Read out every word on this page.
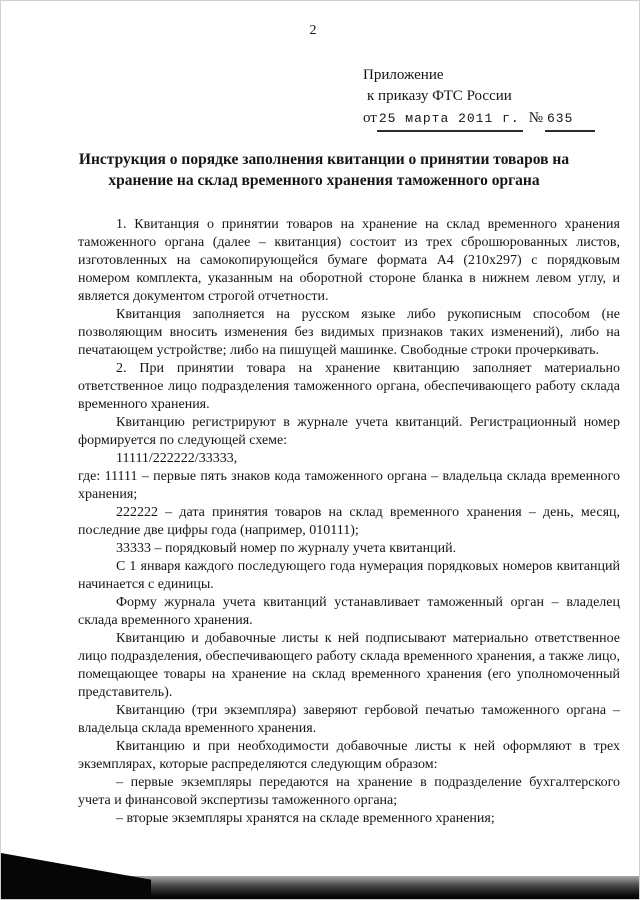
2
Приложение
к приказу ФТС России
от 25 марта 2011 г. № 635
Инструкция о порядке заполнения квитанции о принятии товаров на хранение на склад временного хранения таможенного органа

1. Квитанция о принятии товаров на хранение на склад временного хранения таможенного органа (далее – квитанция) состоит из трех сброшюрованных листов, изготовленных на самокопирующейся бумаге формата А4 (210х297) с порядковым номером комплекта, указанным на оборотной стороне бланка в нижнем левом углу, и является документом строгой отчетности.

Квитанция заполняется на русском языке либо рукописным способом (не позволяющим вносить изменения без видимых признаков таких изменений), либо на печатающем устройстве; либо на пишущей машинке. Свободные строки прочеркивать.

2. При принятии товара на хранение квитанцию заполняет материально ответственное лицо подразделения таможенного органа, обеспечивающего работу склада временного хранения.

Квитанцию регистрируют в журнале учета квитанций. Регистрационный номер формируется по следующей схеме:

11111/222222/33333,

где: 11111 – первые пять знаков кода таможенного органа – владельца склада временного хранения;

222222 – дата принятия товаров на склад временного хранения – день, месяц, последние две цифры года (например, 010111);

33333 – порядковый номер по журналу учета квитанций.

С 1 января каждого последующего года нумерация порядковых номеров квитанций начинается с единицы.

Форму журнала учета квитанций устанавливает таможенный орган – владелец склада временного хранения.

Квитанцию и добавочные листы к ней подписывают материально ответственное лицо подразделения, обеспечивающего работу склада временного хранения, а также лицо, помещающее товары на хранение на склад временного хранения (его уполномоченный представитель).

Квитанцию (три экземпляра) заверяют гербовой печатью таможенного органа – владельца склада временного хранения.

Квитанцию и при необходимости добавочные листы к ней оформляют в трех экземплярах, которые распределяются следующим образом:

– первые экземпляры передаются на хранение в подразделение бухгалтерского учета и финансовой экспертизы таможенного органа;

– вторые экземпляры хранятся на складе временного хранения;
